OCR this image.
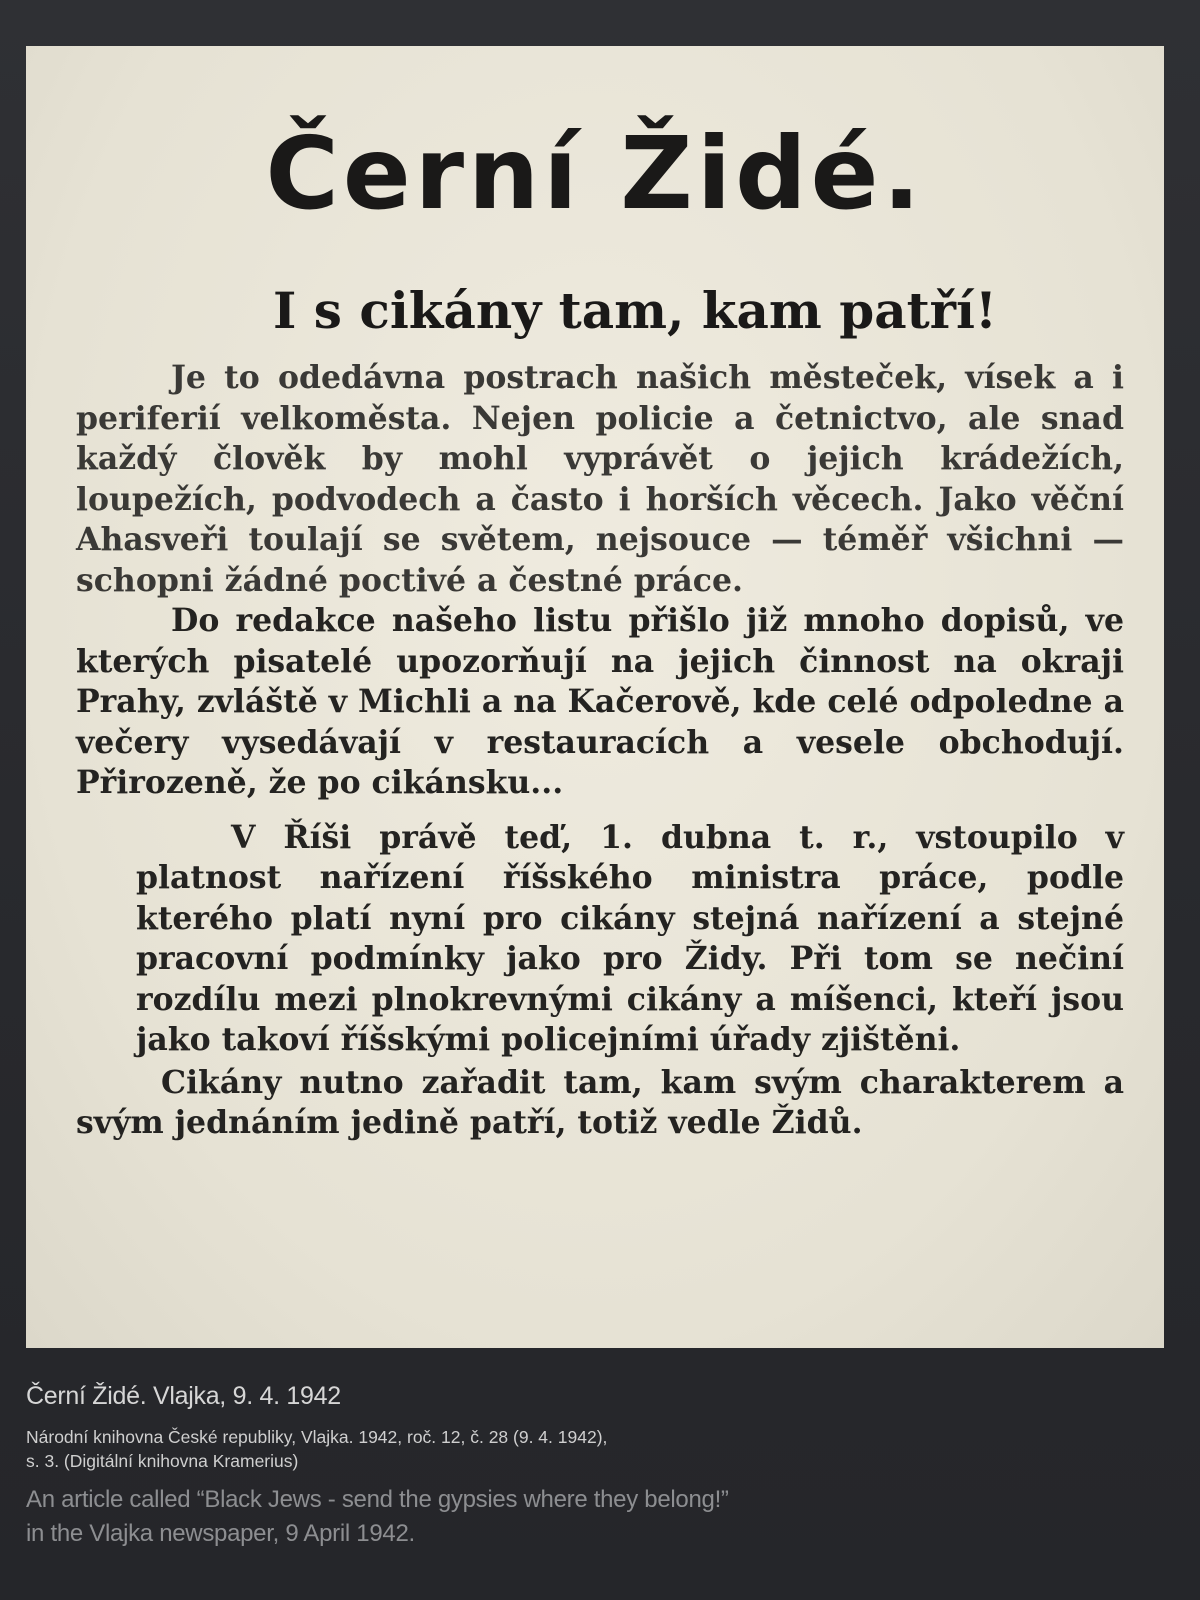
Černí Židé.
I s cikány tam, kam patří!

Je to odedávna postrach našich městeček, vísek a i periferií velkoměsta. Nejen policie a četnictvo, ale snad každý člověk by mohl vyprávět o jejich krádežích, loupežích, podvodech a často i horších věcech. Jako věční Ahasveři toulají se světem, nejsouce — téměř všichni — schopni žádné poctivé a čestné práce.

Do redakce našeho listu přišlo již mnoho dopisů, ve kterých pisatelé upozorňují na jejich činnost na okraji Prahy, zvláště v Michli a na Kačerově, kde celé odpoledne a večery vysedávají v restauracích a vesele obchodují. Přirozeně, že po cikánsku...

V Říši právě teď, 1. dubna t. r., vstoupilo v platnost nařízení říšského ministra práce, podle kterého platí nyní pro cikány stejná nařízení a stejné pracovní podmínky jako pro Židy. Při tom se nečiní rozdílu mezi plnokrevnými cikány a míšenci, kteří jsou jako takoví říšskými policejními úřady zjištěni.

Cikány nutno zařadit tam, kam svým charakterem a svým jednáním jedině patří, totiž vedle Židů.

Černí Židé. Vlajka, 9. 4. 1942

Národní knihovna České republiky, Vlajka. 1942, roč. 12, č. 28 (9. 4. 1942),
s. 3. (Digitální knihovna Kramerius)

An article called “Black Jews - send the gypsies where they belong!”
in the Vlajka newspaper, 9 April 1942.
